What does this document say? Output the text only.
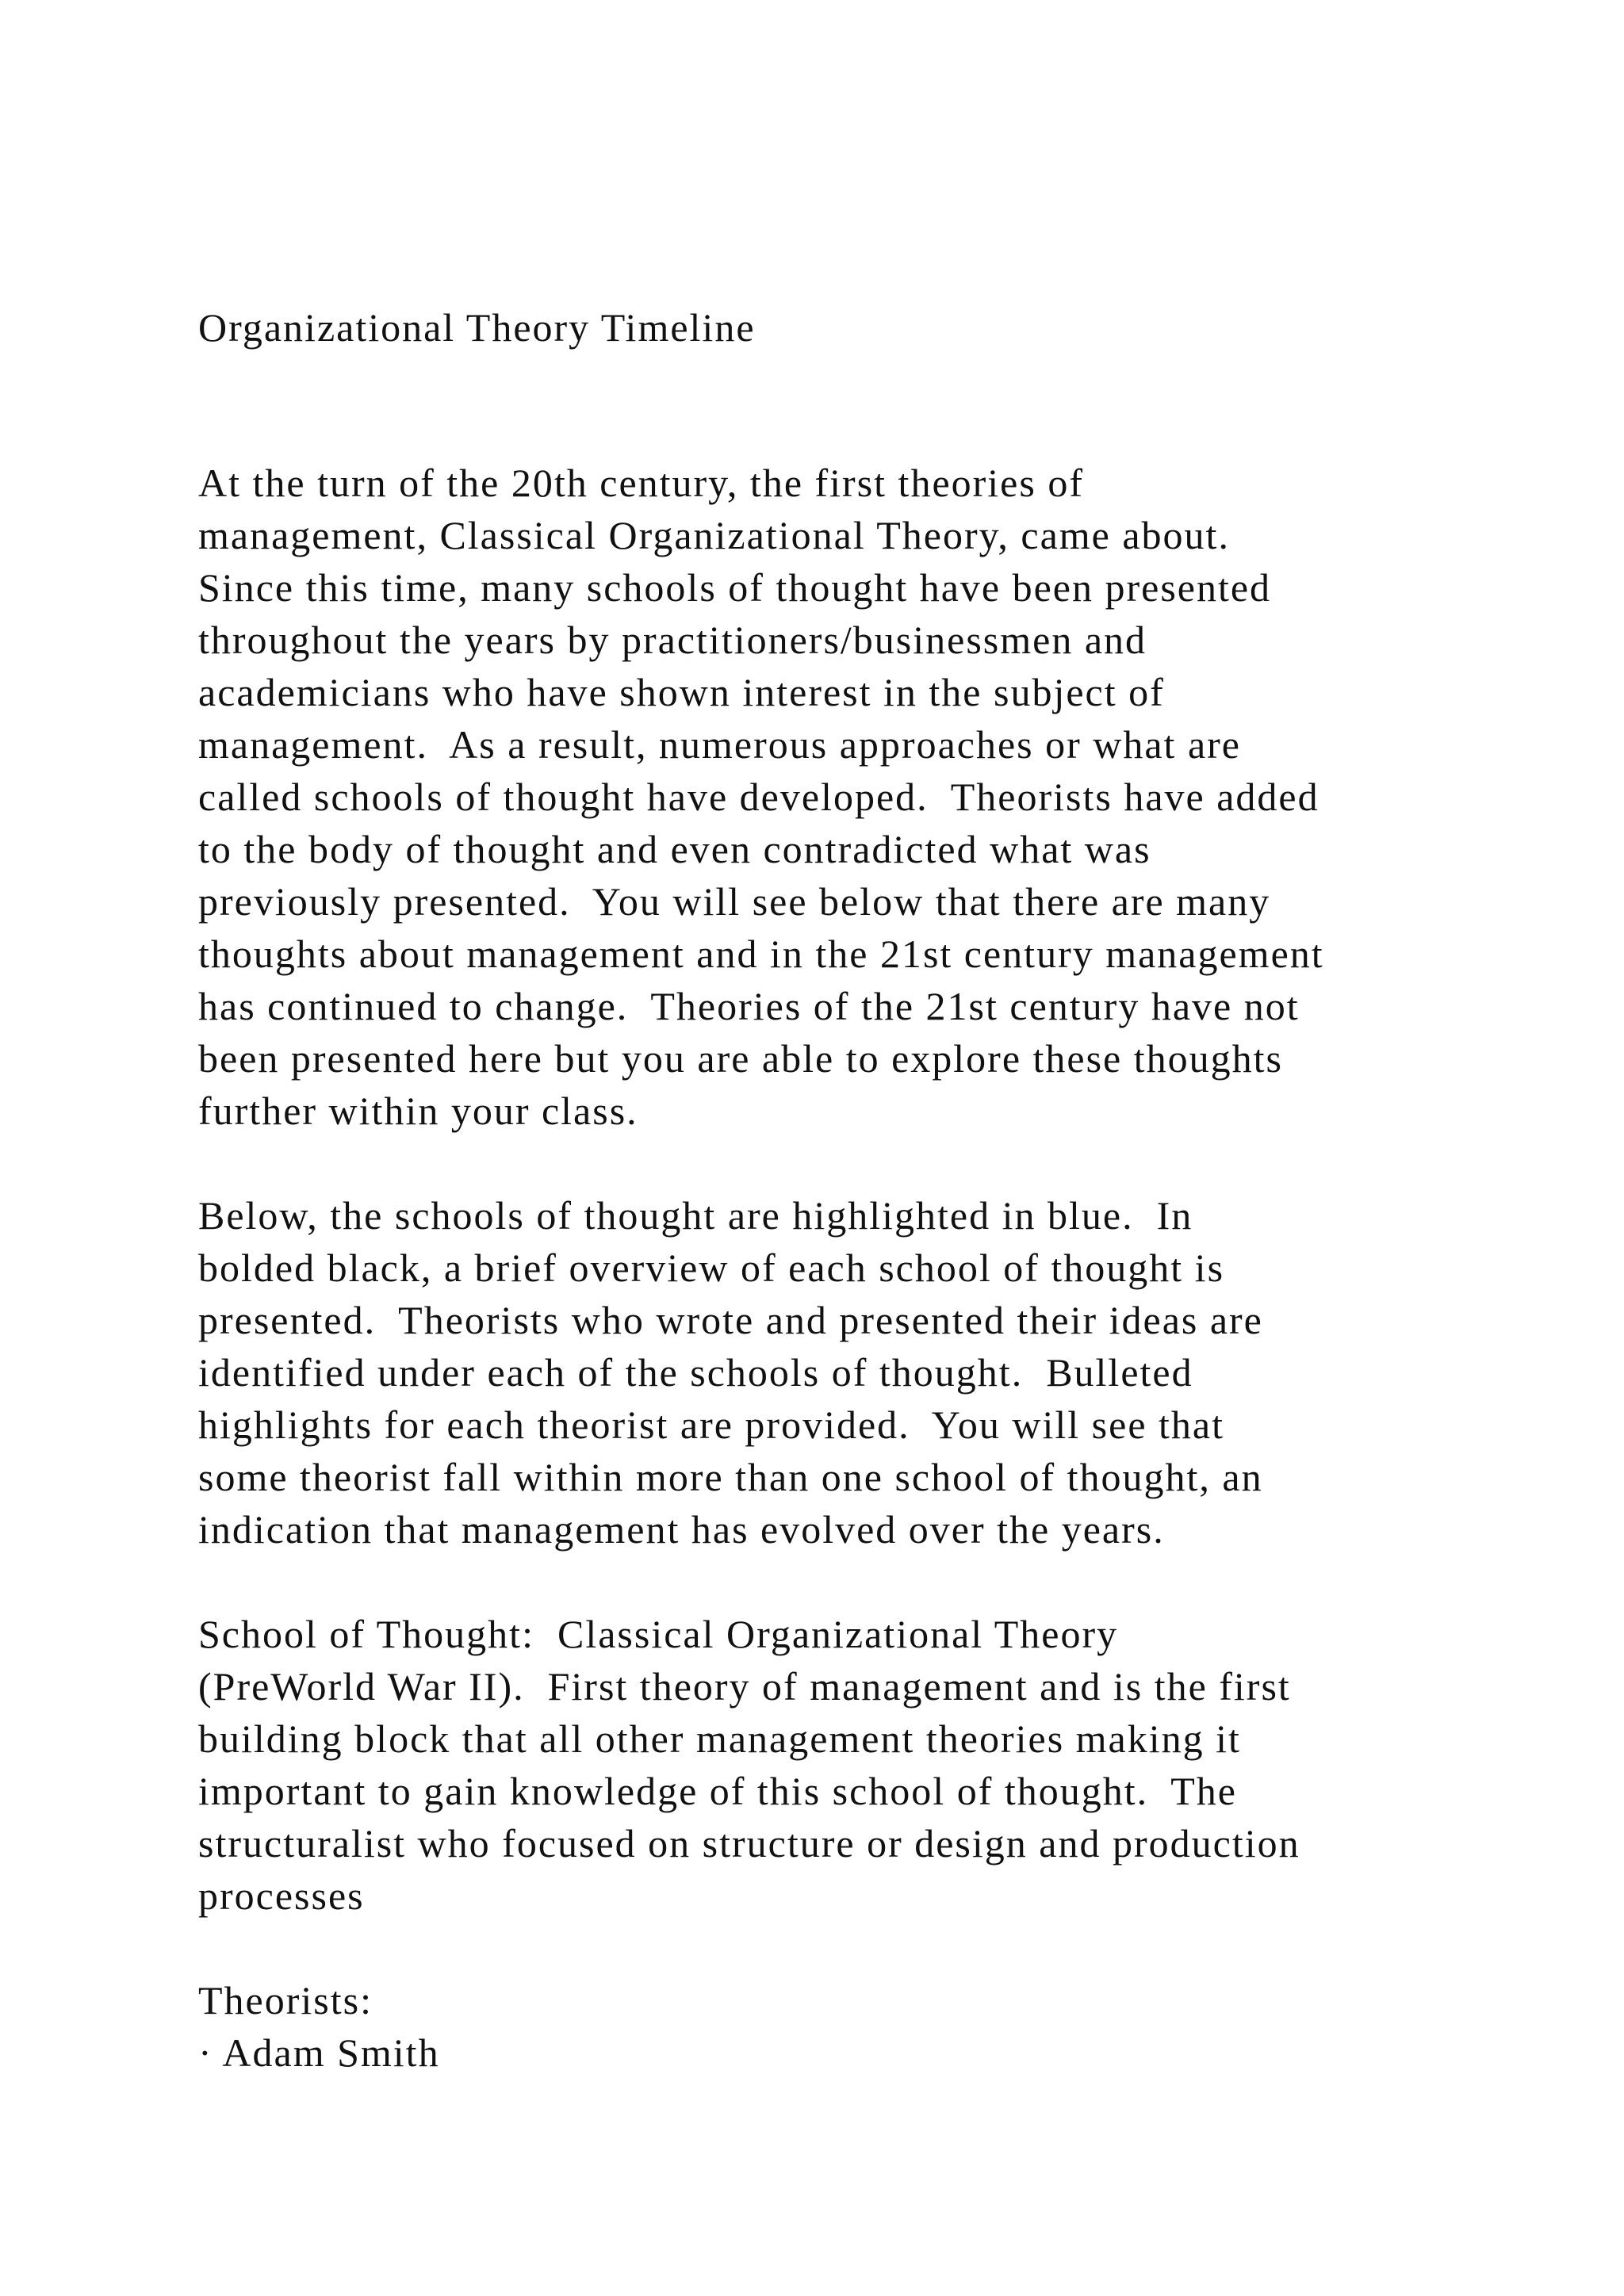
Organizational Theory Timeline
At the turn of the 20th century, the first theories of
management, Classical Organizational Theory, came about.
Since this time, many schools of thought have been presented
throughout the years by practitioners/businessmen and
academicians who have shown interest in the subject of
management.  As a result, numerous approaches or what are
called schools of thought have developed.  Theorists have added
to the body of thought and even contradicted what was
previously presented.  You will see below that there are many
thoughts about management and in the 21st century management
has continued to change.  Theories of the 21st century have not
been presented here but you are able to explore these thoughts
further within your class.
Below, the schools of thought are highlighted in blue.  In
bolded black, a brief overview of each school of thought is
presented.  Theorists who wrote and presented their ideas are
identified under each of the schools of thought.  Bulleted
highlights for each theorist are provided.  You will see that
some theorist fall within more than one school of thought, an
indication that management has evolved over the years.
School of Thought:  Classical Organizational Theory
(PreWorld War II).  First theory of management and is the first
building block that all other management theories making it
important to gain knowledge of this school of thought.  The
structuralist who focused on structure or design and production
processes
Theorists:
· Adam Smith
